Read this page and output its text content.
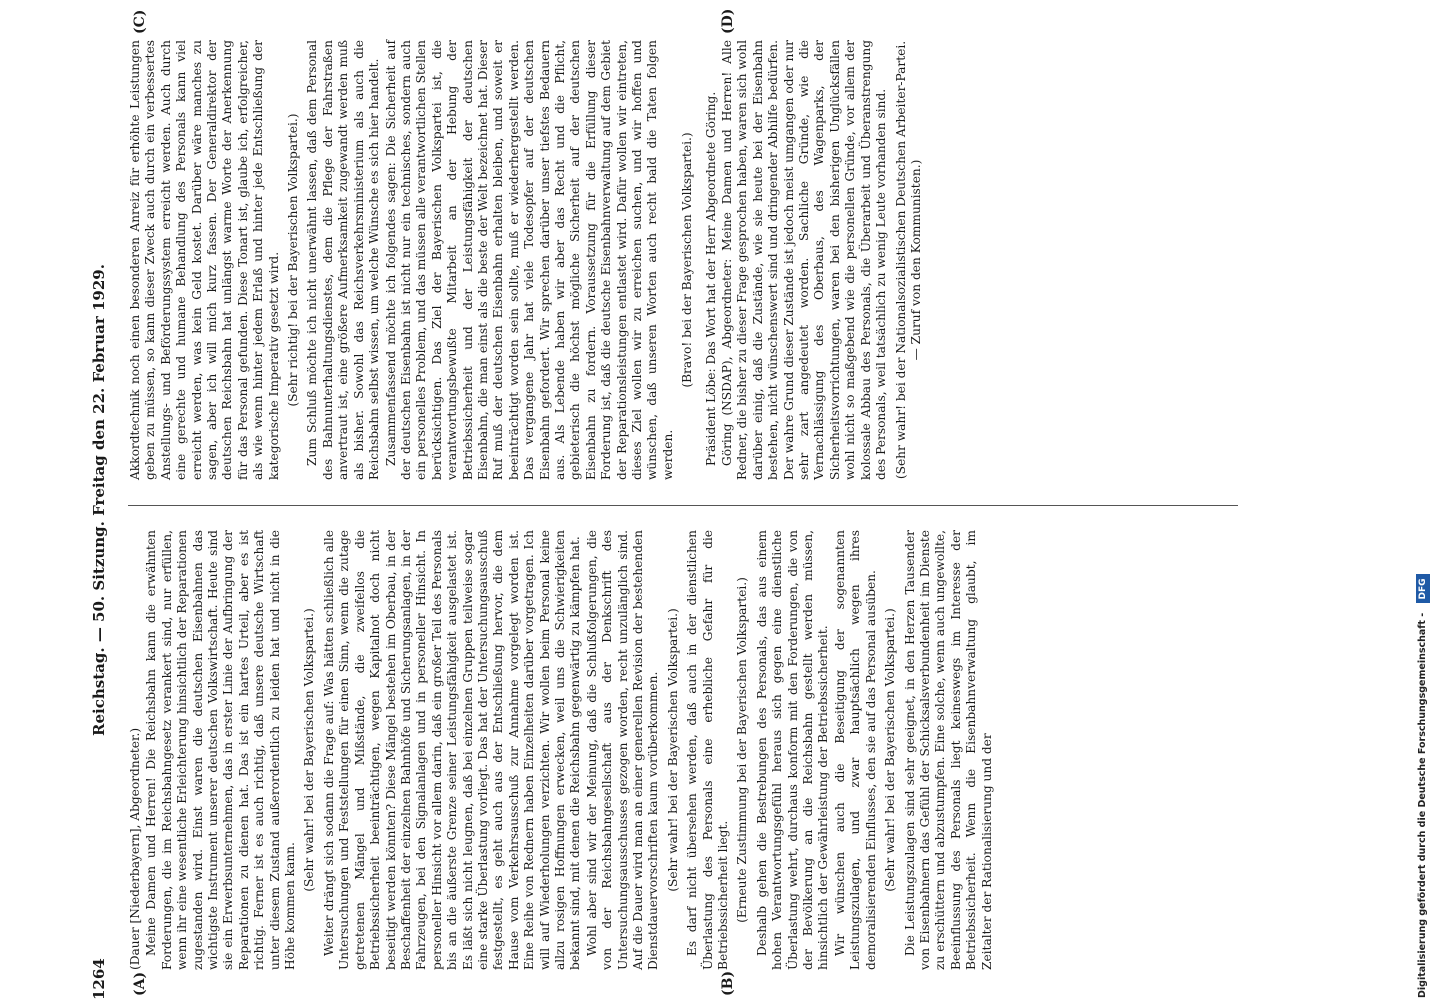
1264
Reichstag. — 50. Sitzung. Freitag den 22. Februar 1929.

(Dauer [Niederbayern], Abgeordneter.) Meine Damen und Herren! Die Reichsbahn kann die erwähnten Forderungen, die im Reichsbahngesetz verankert sind, nur erfüllen, wenn ihr eine wesentliche Erleichterung hinsichtlich der Reparationen zugestanden wird. Einst waren die deutschen Eisenbahnen das wichtigste Instrument unserer deutschen Volkswirtschaft. Heute sind sie ein Erwerbsunternehmen, das in erster Linie der Aufbringung der Reparationen zu dienen hat. Das ist ein hartes Urteil, aber es ist richtig. Ferner ist es auch richtig, daß unsere deutsche Wirtschaft unter diesem Zustand außerordentlich zu leiden hat und nicht in die Höhe kommen kann.

(Sehr wahr! bei der Bayerischen Volkspartei.) Weiter drängt sich sodann die Frage auf: Was hätten schließlich alle Untersuchungen und Feststellungen für einen Sinn, wenn die zutage getretenen Mängel und Mißstände, die zweifellos die Betriebssicherheit beeinträchtigen, wegen Kapitalnot doch nicht beseitigt werden könnten? Diese Mängel bestehen im Oberbau, in der Beschaffenheit der einzelnen Bahnhöfe und Sicherungsanlagen, in der Fahrzeugen, bei den Signalanlagen und in personeller Hinsicht. In personeller Hinsicht vor allem darin, daß ein großer Teil des Personals bis an die äußerste Grenze seiner Leistungsfähigkeit ausgelastet ist. Es läßt sich nicht leugnen, daß bei einzelnen Gruppen teilweise sogar eine starke Überlastung vorliegt. Das hat der Untersuchungsausschuß festgestellt, es geht auch aus der Entschließung hervor, die dem Hause vom Verkehrsausschuß zur Annahme vorgelegt worden ist. Eine Reihe von Rednern haben Einzelheiten darüber vorgetragen. Ich will auf Wiederholungen verzichten. Wir wollen beim Personal keine allzu rosigen Hoffnungen erwecken, weil uns die Schwierigkeiten bekannt sind, mit denen die Reichsbahn gegenwärtig zu kämpfen hat. Wohl aber sind wir der Meinung, daß die Schlußfolgerungen, die von der Reichsbahngesellschaft aus der Denkschrift des Untersuchungsausschusses gezogen worden, recht unzulänglich sind. Auf die Dauer wird man an einer generellen Revision der bestehenden Dienstdauervorschriften kaum vorüberkommen. (Sehr wahr! bei der Bayerischen Volkspartei.) Es darf nicht übersehen werden, daß auch in der dienstlichen Überlastung des Personals eine erhebliche Gefahr für die Betriebssicherheit liegt. (Erneute Zustimmung bei der Bayerischen Volkspartei.) Deshalb gehen die Bestrebungen des Personals, das aus einem hohen Verantwortungsgefühl heraus sich gegen eine dienstliche Überlastung wehrt, durchaus konform mit den Forderungen, die von der Bevölkerung an die Reichsbahn gestellt werden müssen, hinsichtlich der Gewährleistung der Betriebssicherheit. Wir wünschen auch die Beseitigung der sogenannten Leistungszulagen, und zwar hauptsächlich wegen ihres demoralisierenden Einflusses, den sie auf das Personal ausüben. (Sehr wahr! bei der Bayerischen Volkspartei.) Die Leistungszulagen sind sehr geeignet, in den Herzen Tausender von Eisenbahnern das Gefühl der Schicksalsverbundenheit im Dienste zu erschüttern und abzustumpfen. Eine solche, wenn auch ungewollte, Beeinflussung des Personals liegt keineswegs im Interesse der Betriebssicherheit. Wenn die Eisenbahnverwaltung glaubt, im Zeitalter der Rationalisierung und der

Akkordtechnik noch einen besonderen Anreiz für erhöhte Leistungen geben zu müssen, so kann dieser Zweck auch durch ein verbessertes Anstellungs- und Beförderungssystem erreicht werden. Auch durch eine gerechte und humane Behandlung des Personals kann viel erreicht werden, was kein Geld kostet. Darüber wäre manches zu sagen, aber ich will mich kurz fassen. Der Generaldirektor der deutschen Reichsbahn hat unlängst warme Worte der Anerkennung für das Personal gefunden. Diese Tonart ist, glaube ich, erfolgreicher, als wie wenn hinter jedem Erlaß und hinter jede Entschließung der kategorische Imperativ gesetzt wird. (Sehr richtig! bei der Bayerischen Volkspartei.) Zum Schluß möchte ich nicht unerwähnt lassen, daß dem Personal des Bahnunterhaltungsdienstes, dem die Pflege der Fahrstraßen anvertraut ist, eine größere Aufmerksamkeit zugewandt werden muß als bisher. Sowohl das Reichsverkehrsministerium als auch die Reichsbahn selbst wissen, um welche Wünsche es sich hier handelt. Zusammenfassend möchte ich folgendes sagen: Die Sicherheit auf der deutschen Eisenbahn ist nicht nur ein technisches, sondern auch ein personelles Problem, und das müssen alle verantwortlichen Stellen berücksichtigen. Das Ziel der Bayerischen Volkspartei ist, die verantwortungsbewußte Mitarbeit an der Hebung der Betriebssicherheit und der Leistungsfähigkeit der deutschen Eisenbahn, die man einst als die beste der Welt bezeichnet hat. Dieser Ruf muß der deutschen Eisenbahn erhalten bleiben, und soweit er beeinträchtigt worden sein sollte, muß er wiederhergestellt werden. Das vergangene Jahr hat viele Todesopfer auf der deutschen Eisenbahn gefordert. Wir sprechen darüber unser tiefstes Bedauern aus. Als Lebende haben wir aber das Recht und die Pflicht, gebieterisch die höchst mögliche Sicherheit auf der deutschen Eisenbahn zu fordern. Voraussetzung für die Erfüllung dieser Forderung ist, daß die deutsche Eisenbahnverwaltung auf dem Gebiet der Reparationsleistungen entlastet wird. Dafür wollen wir eintreten, dieses Ziel wollen wir zu erreichen suchen, und wir hoffen und wünschen, daß unseren Worten auch recht bald die Taten folgen werden.

(Bravo! bei der Bayerischen Volkspartei.) Präsident Löbe: Das Wort hat der Herr Abgeordnete Göring. Göring (NSDAP), Abgeordneter: Meine Damen und Herren! Alle Redner, die bisher zu dieser Frage gesprochen haben, waren sich wohl darüber einig, daß die Zustände, wie sie heute bei der Eisenbahn bestehen, nicht wünschenswert sind und dringender Abhilfe bedürfen. Der wahre Grund dieser Zustände ist jedoch meist umgangen oder nur sehr zart angedeutet worden. Sachliche Gründe, wie die Vernachlässigung des Oberbaus, des Wagenparks, der Sicherheitsvorrichtungen, waren bei den bisherigen Unglücksfällen wohl nicht so maßgebend wie die personellen Gründe, vor allem der kolossale Abbau des Personals, die Überarbeit und Überanstrengung des Personals, weil tatsächlich zu wenig Leute vorhanden sind. (Sehr wahr! bei der Nationalsozialistischen Deutschen Arbeiter-Partei. — Zuruf von den Kommunisten.)

(A)	(B)
(C)	(D)
Digitalisierung gefördert durch die Deutsche Forschungsgemeinschaft - DFG
